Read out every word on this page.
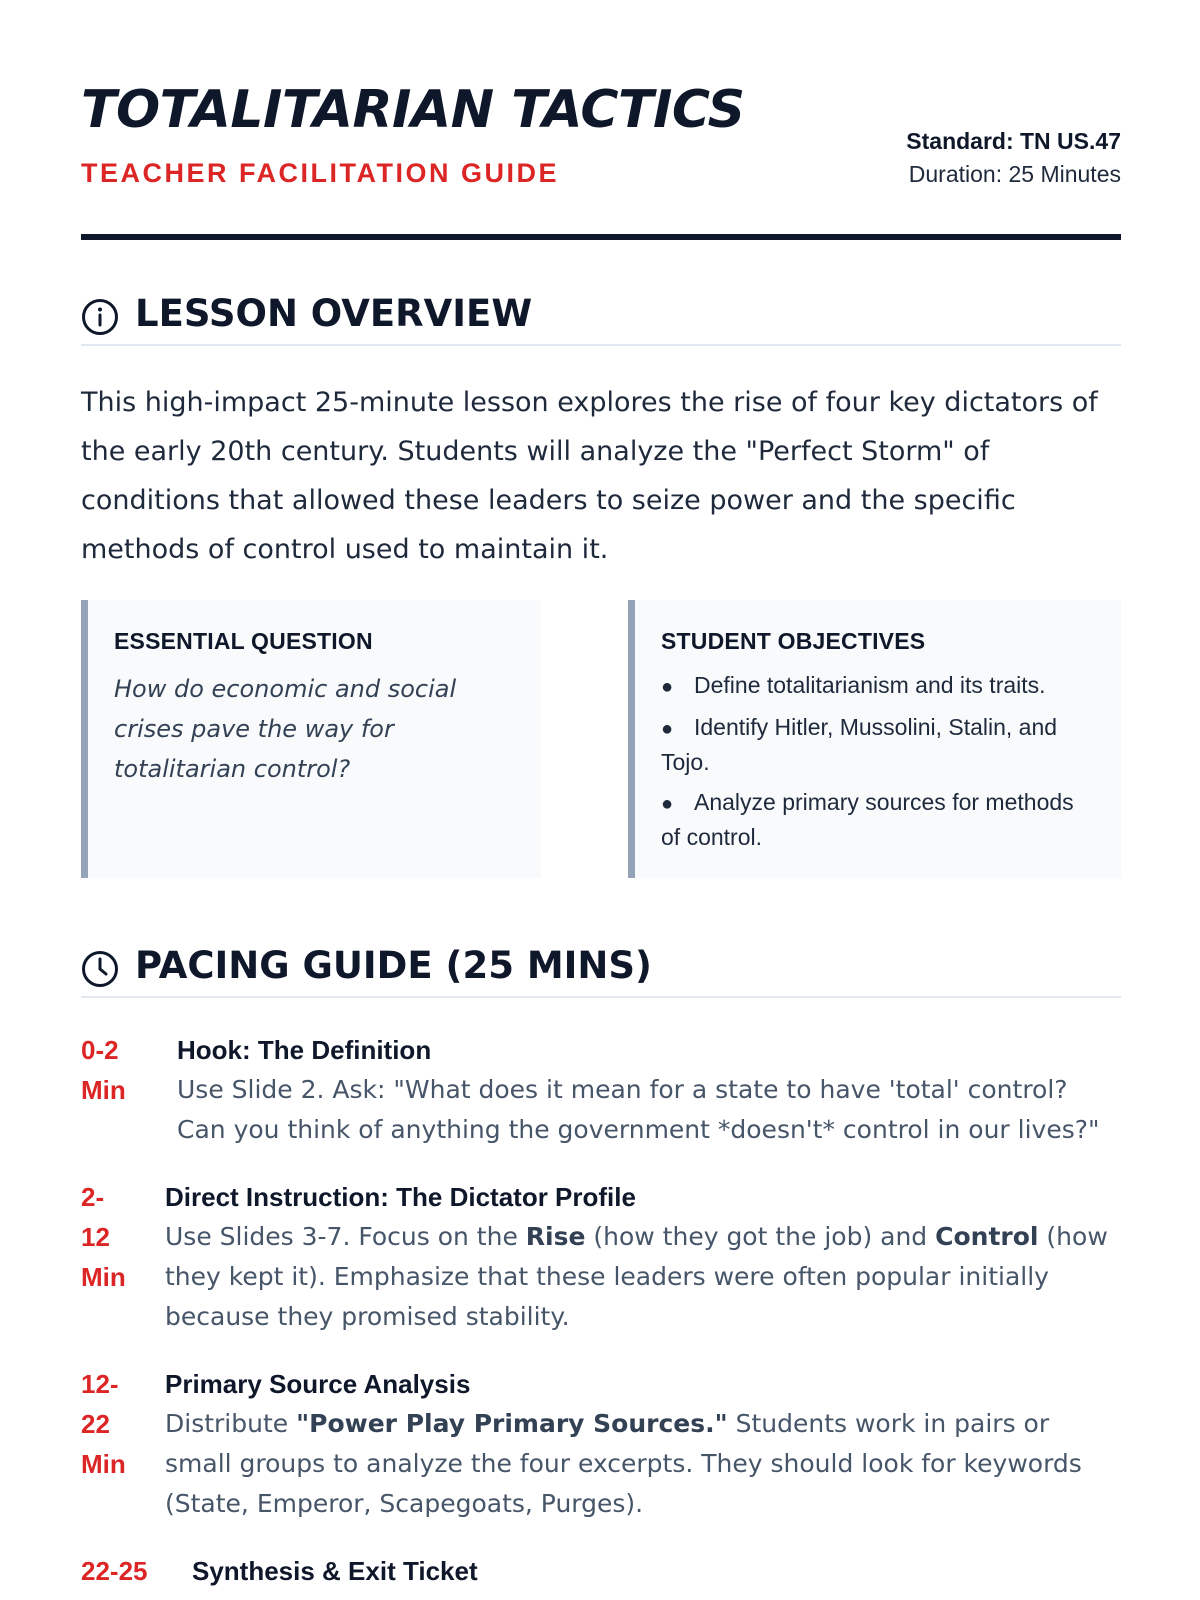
TOTALITARIAN TACTICS
TEACHER FACILITATION GUIDE
Standard: TN US.47
Duration: 25 Minutes
LESSON OVERVIEW

This high-impact 25-minute lesson explores the rise of four key dictators of the early 20th century. Students will analyze the "Perfect Storm" of conditions that allowed these leaders to seize power and the specific methods of control used to maintain it.

ESSENTIAL QUESTION

How do economic and social crises pave the way for totalitarian control?

STUDENT OBJECTIVES
● Define totalitarianism and its traits.
● Identify Hitler, Mussolini, Stalin, and Tojo.
● Analyze primary sources for methods of control.
PACING GUIDE (25 MINS)
0-2
Min
Hook: The Definition
Use Slide 2. Ask: "What does it mean for a state to have 'total' control? Can you think of anything the government *doesn't* control in our lives?"
2-
12
Min
Direct Instruction: The Dictator Profile
Use Slides 3-7. Focus on the Rise (how they got the job) and Control (how they kept it). Emphasize that these leaders were often popular initially because they promised stability.
12-
22
Min
Primary Source Analysis
Distribute "Power Play Primary Sources." Students work in pairs or small groups to analyze the four excerpts. They should look for keywords (State, Emperor, Scapegoats, Purges).
22-25 Synthesis & Exit Ticket
